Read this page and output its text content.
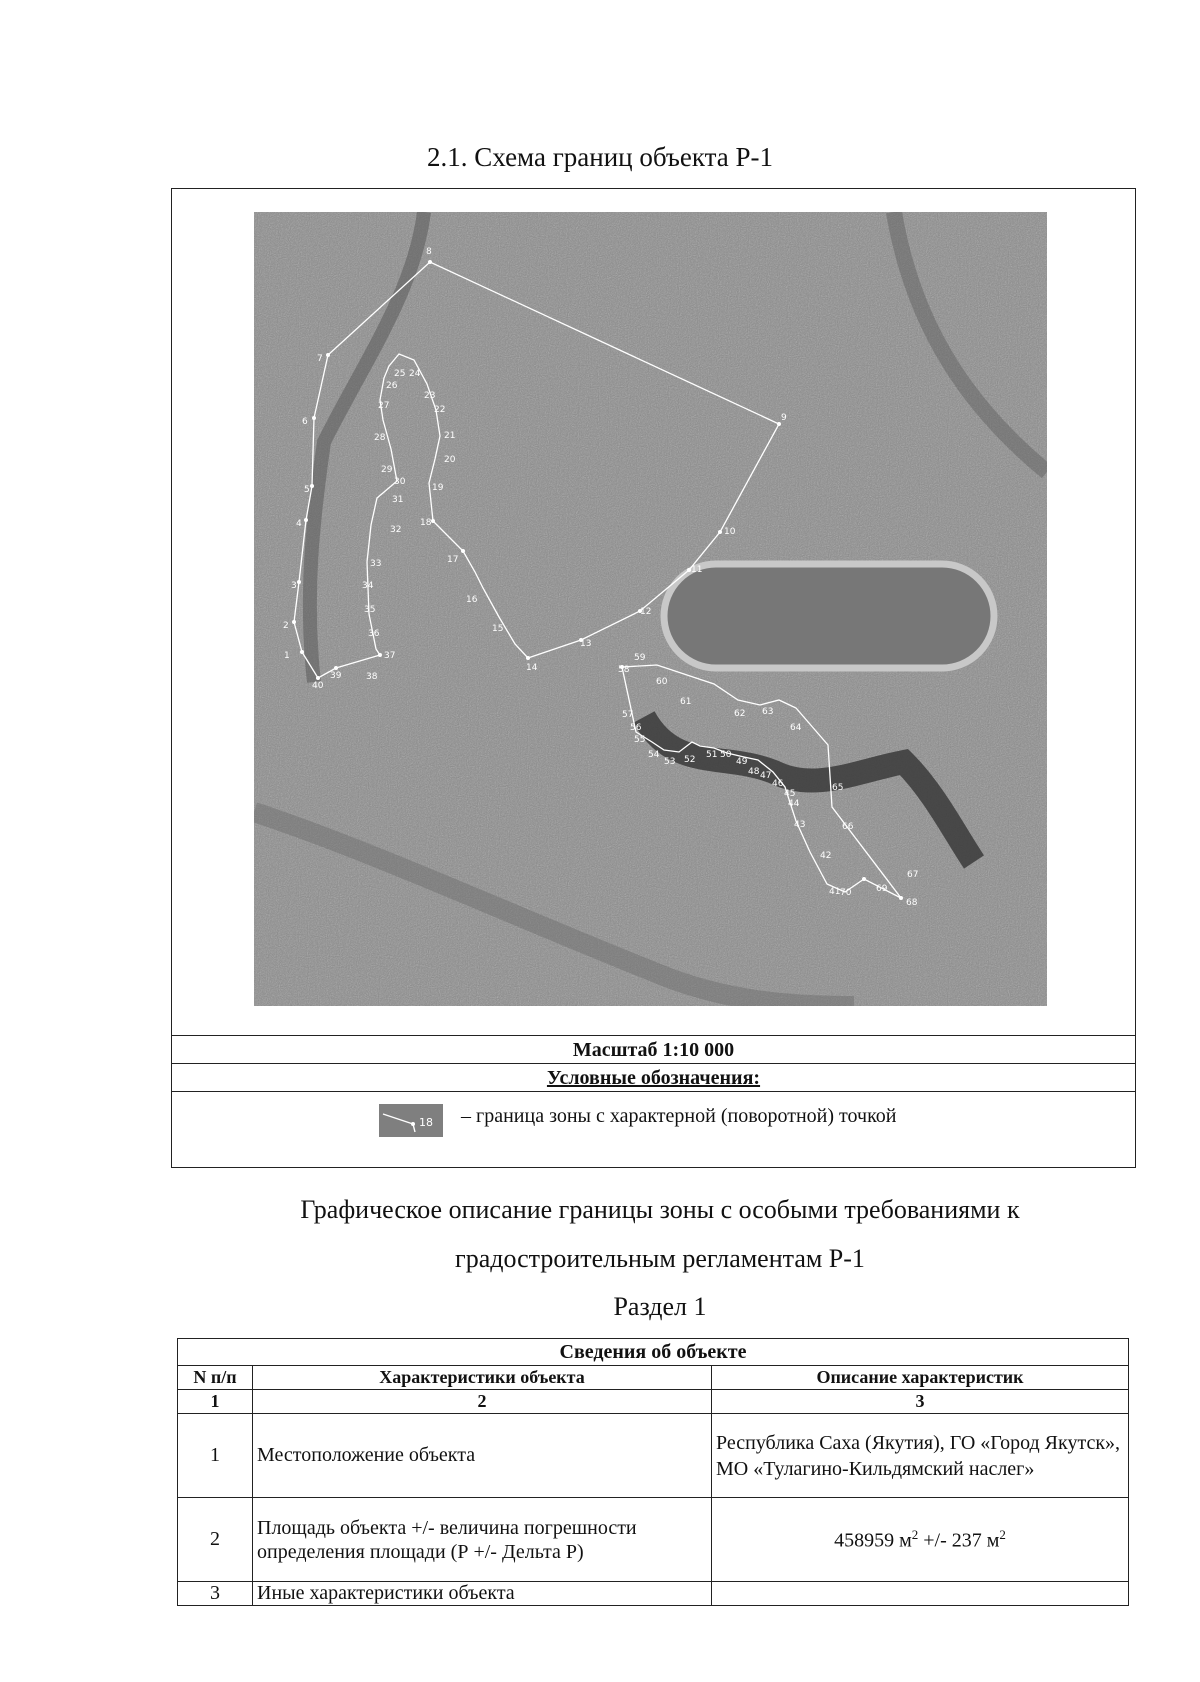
2.1. Схема границ объекта Р-1
1
2
3
4
5
6
7
8
9
10
11
12
13
14
15
16
17
18
19
20
21
22
23
24
25
26
27
28
29
30
31
32
33
34
35
36
37
38
39
40
41
42
43
44
45
46
47
48
49
50
51
52
53
54
55
56
57
58
59
60
61
62 63
64
65
66
67
68
69
70
Масштаб 1:10 000
Условные обозначения:
18 – граница зоны с характерной (поворотной) точкой
Графическое описание границы зоны с особыми требованиями к
градостроительным регламентам Р-1
Раздел 1
Сведения об объекте		
N п/п	Характеристики объекта	Описание характеристик
1	2	3
1	Местоположение объекта	Республика Саха (Якутия), ГО «Город Якутск», МО «Тулагино-Кильдямский наслег»
2	Площадь объекта +/- величина погрешности определения площади (Р +/- Дельта Р)	458959 $м^2$ +/- 237 $м^2$
3	Иные характеристики объекта	
